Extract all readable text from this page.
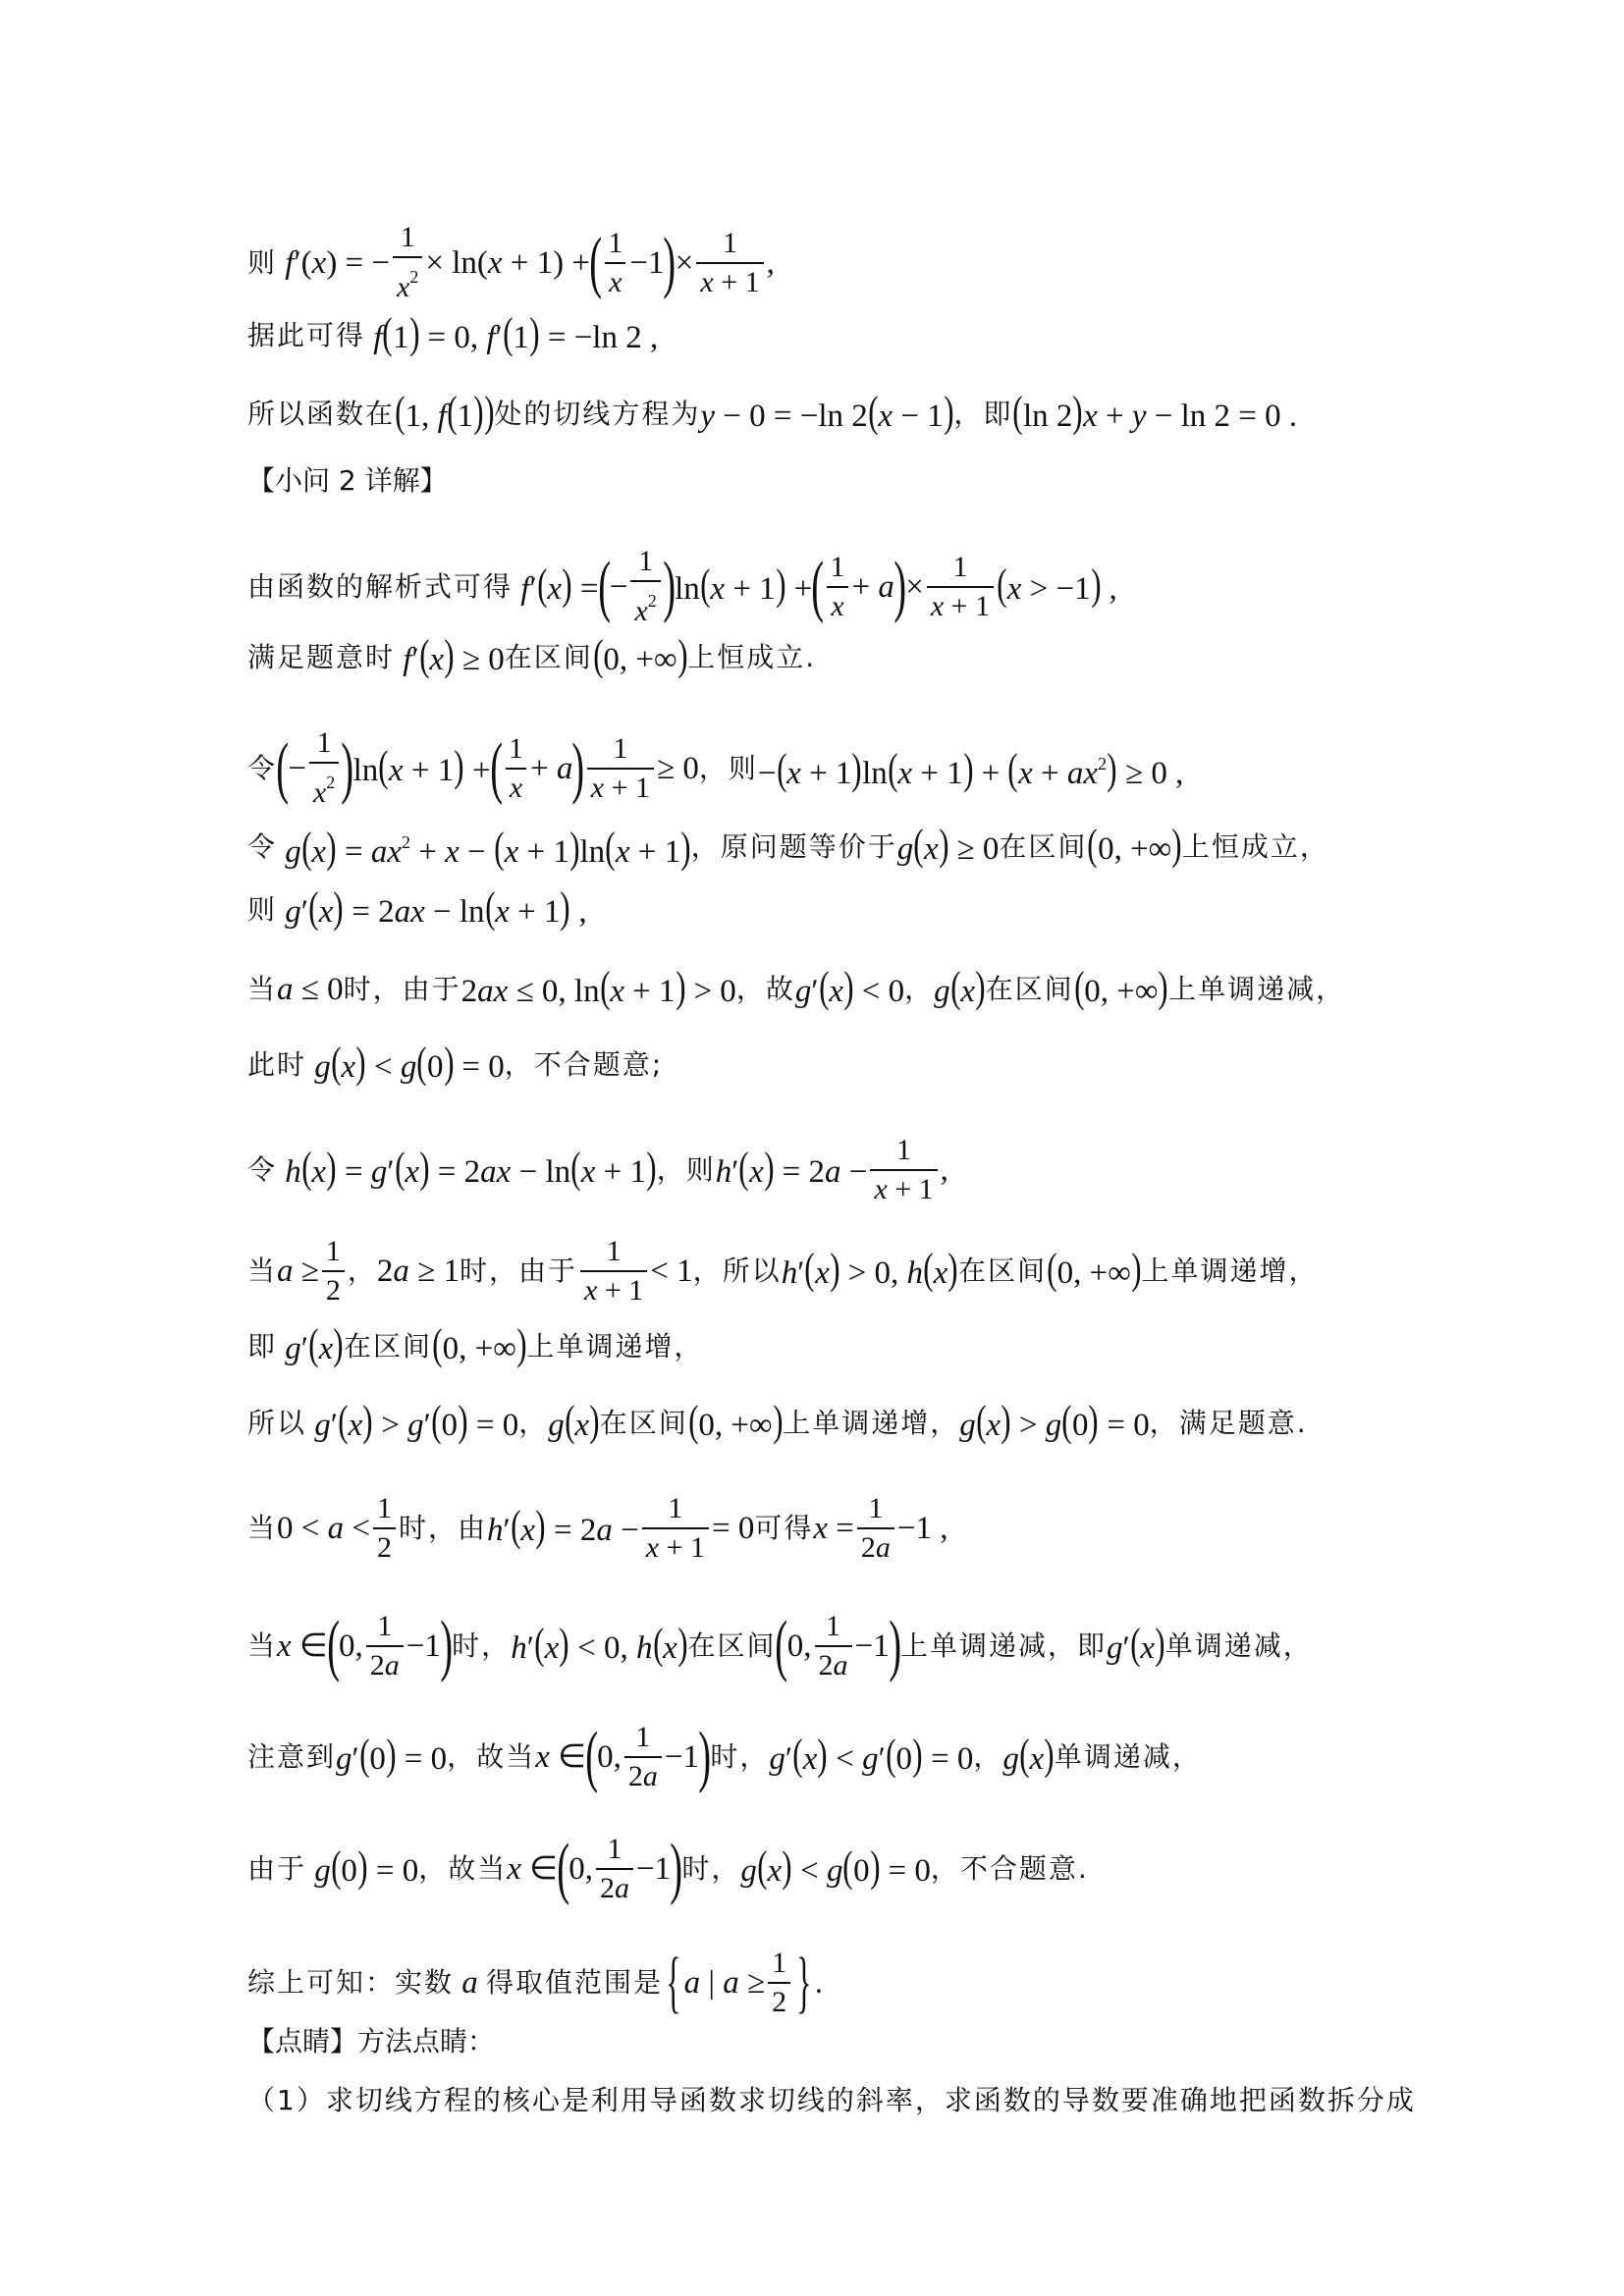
则 f′(x) = − $\frac{1}{x^2} \times \ln(x + 1)$ + ( $\frac{1}{x} -1$ ) × $\frac{1}{x + 1}$ ,
据此可得 f(1) = 0, f′(1) = −ln 2 ,
所以函数在 (1, f(1)) 处的切线方程为 y − 0 = −ln 2(x − 1) ，即 (ln 2)x + y − ln 2 = 0 .
【小问 2 详解】
由函数的解析式可得 f′(x) = ( − $\frac{1}{x^2}$ ) ln(x + 1) + ( $\frac{1}{x} + a$ ) × $\frac{1}{x + 1} (x > -1)$ ,
满足题意时 f′(x) ≥ 0 在区间 (0, +∞) 上恒成立.
令 ( − $\frac{1}{x^2}$ ) ln(x + 1) + ( $\frac{1}{x} + a$ ) $\frac{1}{x + 1} \ge 0$ ，则 $-(x + 1)\ln(x + 1) + (x + ax^2) \ge 0$ ,
令 $g(x) = ax^2 + x - (x + 1)\ln(x + 1)$ ，原问题等价于 g(x) ≥ 0 在区间 (0, +∞) 上恒成立，
则 g′(x) = 2ax − ln(x + 1) ,
当 a ≤ 0 时，由于 2ax ≤ 0, ln(x + 1) > 0 ，故 g′(x) < 0 ， g(x) 在区间 (0, +∞) 上单调递减，
此时 g(x) < g(0) = 0 ，不合题意;
令 h(x) = g′(x) = 2ax − ln(x + 1) ，则 $h'(x) = 2a - \frac{1}{x + 1}$ ,
当 $a \ge \frac{1}{2}$ ， 2a ≥ 1 时，由于 $\frac{1}{x + 1} < 1$ ，所以 h′(x) > 0, h(x) 在区间 (0, +∞) 上单调递增，
即 g′(x) 在区间 (0, +∞) 上单调递增，
所以 g′(x) > g′(0) = 0 ， g(x) 在区间 (0, +∞) 上单调递增， g(x) > g(0) = 0 ，满足题意.
当 $0 < a < \frac{1}{2}$ 时，由 $h'(x) = 2a - \frac{1}{x + 1} = 0$ 可得 $x = \frac{1}{2a} -1$ ,
当 x ∈ ( 0, $\frac{1}{2a} -1$ ) 时， h′(x) < 0, h(x) 在区间 ( 0, $\frac{1}{2a} -1$ ) 上单调递减，即 g′(x) 单调递减，
注意到 g′(0) = 0 ，故当 x ∈ ( 0, $\frac{1}{2a} -1$ ) 时， g′(x) < g′(0) = 0 ， g(x) 单调递减，
由于 g(0) = 0 ，故当 x ∈ ( 0, $\frac{1}{2a} -1$ ) 时， g(x) < g(0) = 0 ，不合题意.
综上可知：实数 a 得取值范围是 { a | $a \ge \frac{1}{2}$ } .
【点睛】方法点睛：
（1）求切线方程的核心是利用导函数求切线的斜率，求函数的导数要准确地把函数拆分成
